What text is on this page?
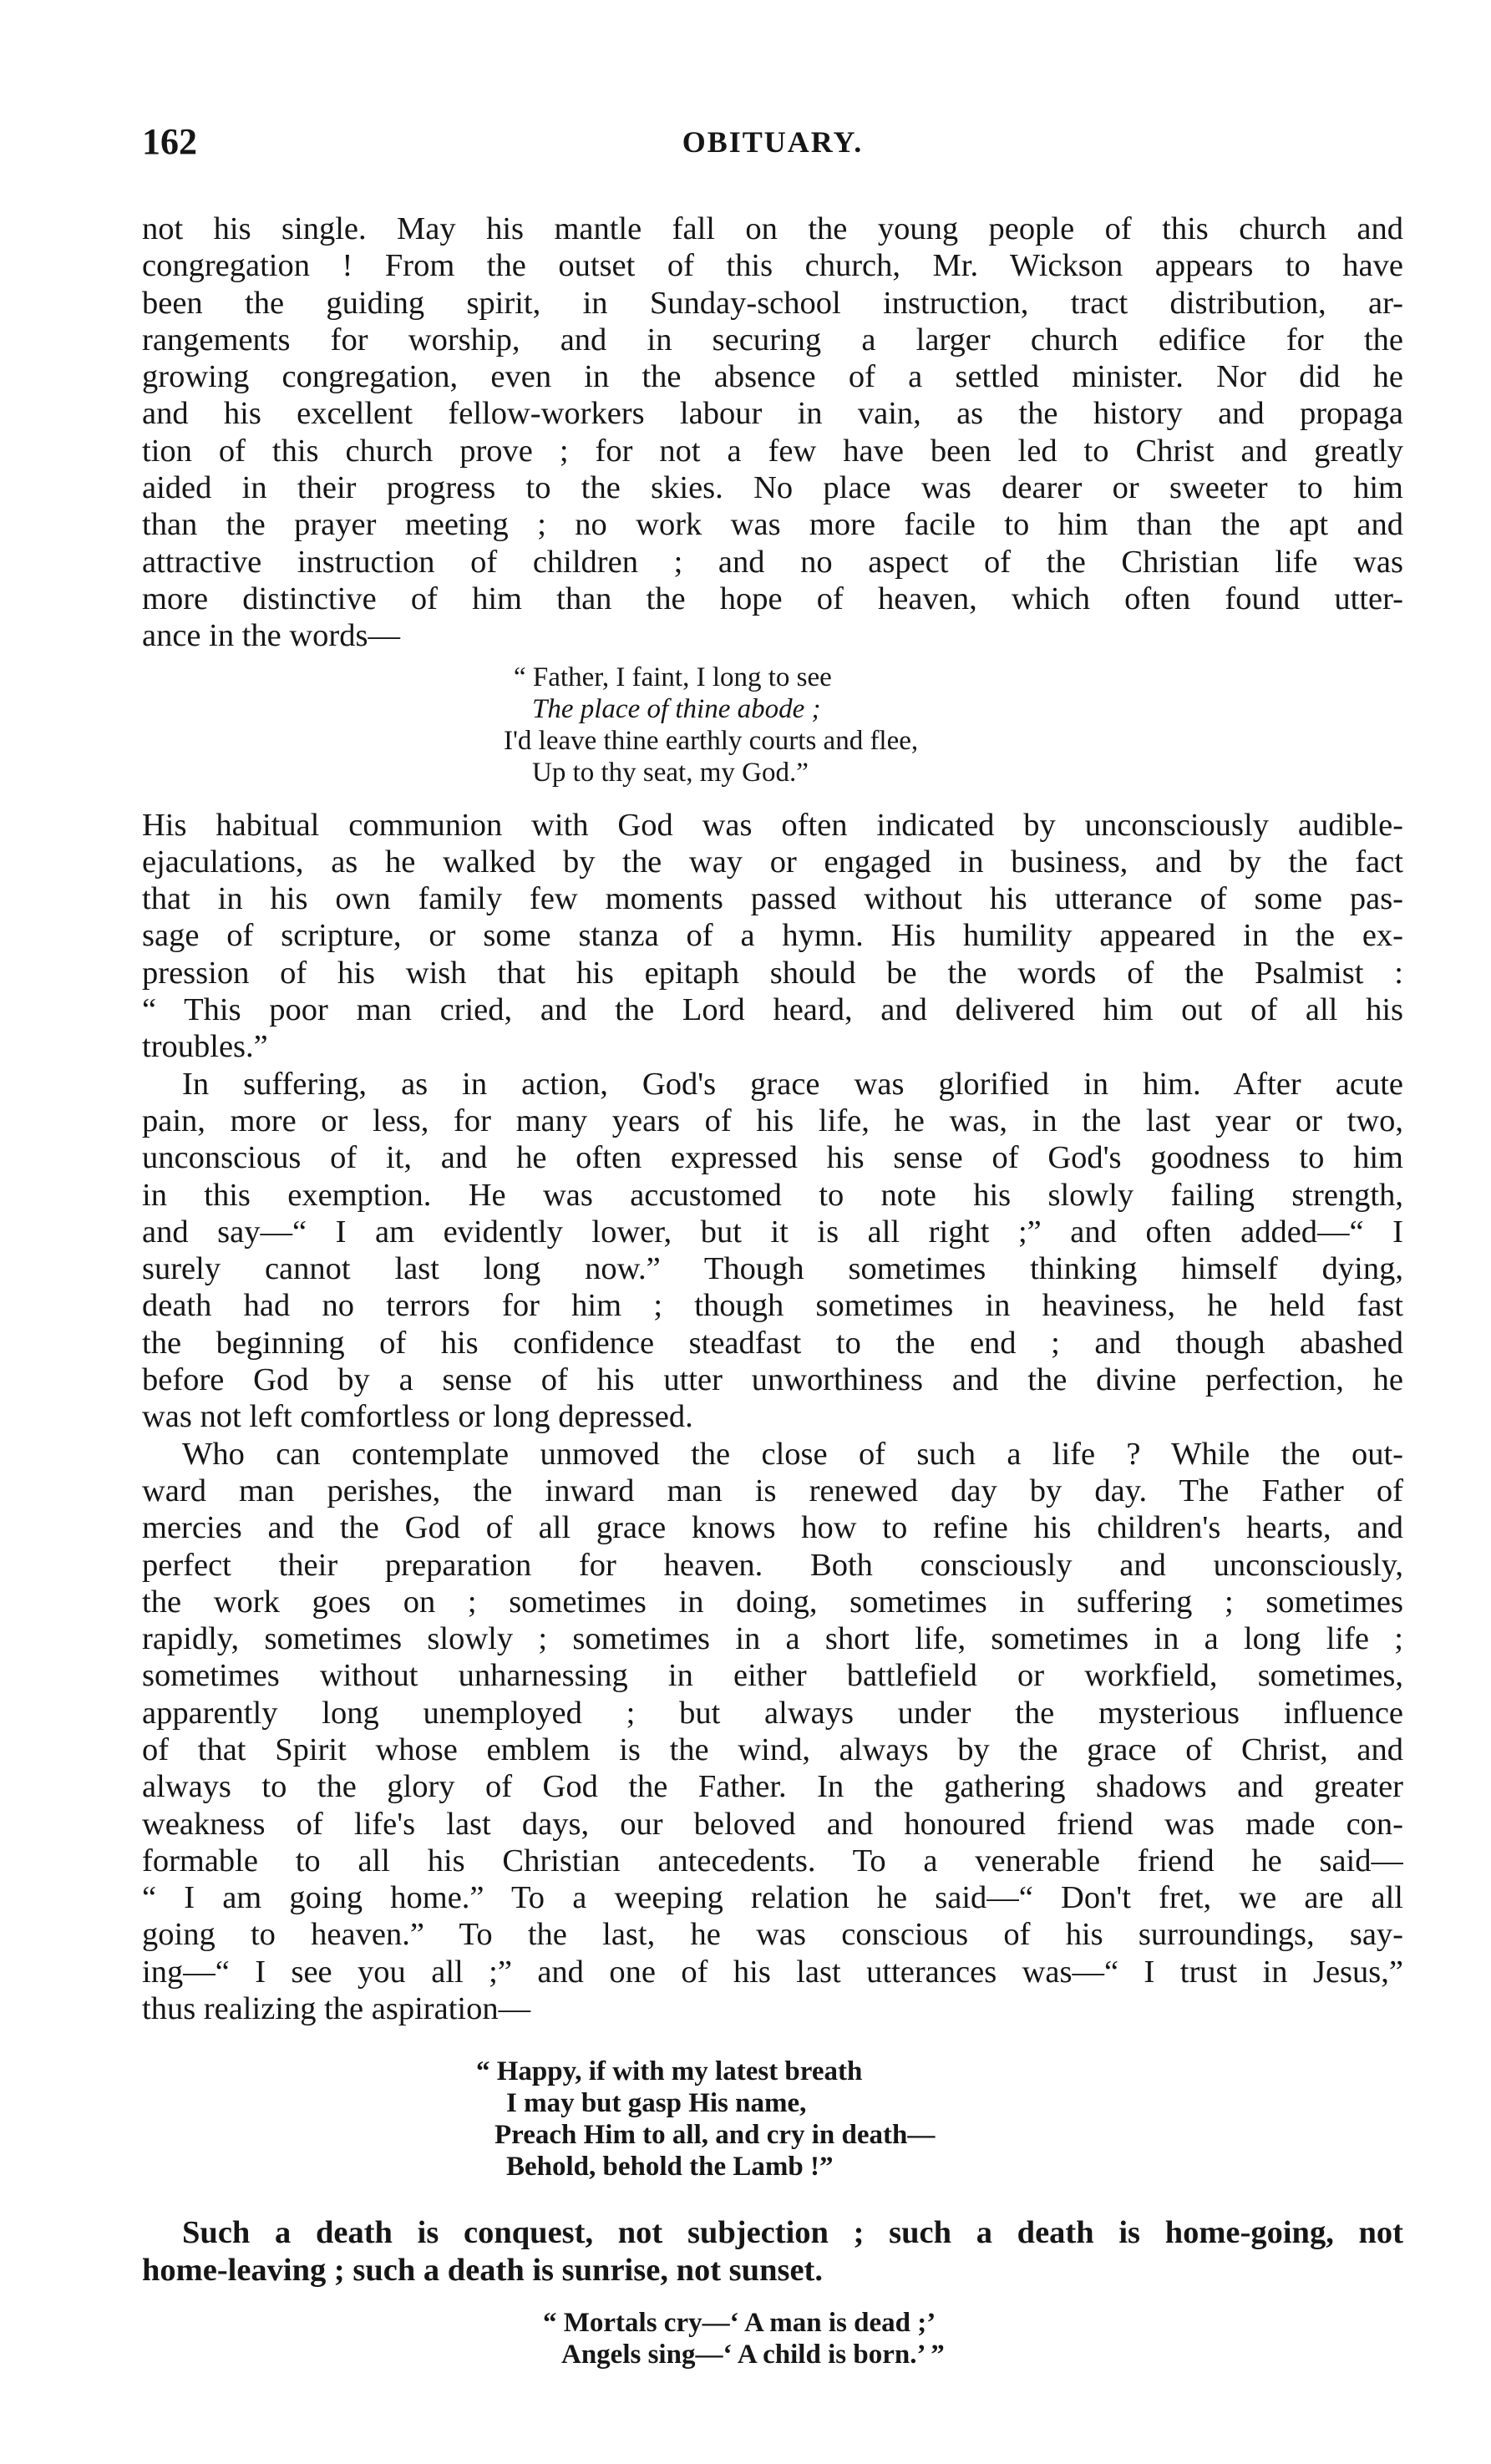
162	OBITUARY.

not his single. May his mantle fall on the young people of this church and
congregation ! From the outset of this church, Mr. Wickson appears to have
been the guiding spirit, in Sunday-school instruction, tract distribution, ar-
rangements for worship, and in securing a larger church edifice for the
growing congregation, even in the absence of a settled minister. Nor did he
and his excellent fellow-workers labour in vain, as the history and propaga
tion of this church prove ; for not a few have been led to Christ and greatly
aided in their progress to the skies. No place was dearer or sweeter to him
than the prayer meeting ; no work was more facile to him than the apt and
attractive instruction of children ; and no aspect of the Christian life was
more distinctive of him than the hope of heaven, which often found utter-
ance in the words—

“ Father, I faint, I long to see
The place of thine abode ;
I'd leave thine earthly courts and flee,
Up to thy seat, my God.”

His habitual communion with God was often indicated by unconsciously audible-
ejaculations, as he walked by the way or engaged in business, and by the fact
that in his own family few moments passed without his utterance of some pas-
sage of scripture, or some stanza of a hymn. His humility appeared in the ex-
pression of his wish that his epitaph should be the words of the Psalmist :
“ This poor man cried, and the Lord heard, and delivered him out of all his
troubles.”

In suffering, as in action, God's grace was glorified in him. After acute
pain, more or less, for many years of his life, he was, in the last year or two,
unconscious of it, and he often expressed his sense of God's goodness to him
in this exemption. He was accustomed to note his slowly failing strength,
and say—“ I am evidently lower, but it is all right ;” and often added—“ I
surely cannot last long now.” Though sometimes thinking himself dying,
death had no terrors for him ; though sometimes in heaviness, he held fast
the beginning of his confidence steadfast to the end ; and though abashed
before God by a sense of his utter unworthiness and the divine perfection, he
was not left comfortless or long depressed.

Who can contemplate unmoved the close of such a life ? While the out-
ward man perishes, the inward man is renewed day by day. The Father of
mercies and the God of all grace knows how to refine his children's hearts, and
perfect their preparation for heaven. Both consciously and unconsciously,
the work goes on ; sometimes in doing, sometimes in suffering ; sometimes
rapidly, sometimes slowly ; sometimes in a short life, sometimes in a long life ;
sometimes without unharnessing in either battlefield or workfield, sometimes,
apparently long unemployed ; but always under the mysterious influence
of that Spirit whose emblem is the wind, always by the grace of Christ, and
always to the glory of God the Father. In the gathering shadows and greater
weakness of life's last days, our beloved and honoured friend was made con-
formable to all his Christian antecedents. To a venerable friend he said—
“ I am going home.” To a weeping relation he said—“ Don't fret, we are all
going to heaven.” To the last, he was conscious of his surroundings, say-
ing—“ I see you all ;” and one of his last utterances was—“ I trust in Jesus,”
thus realizing the aspiration—

“ Happy, if with my latest breath
I may but gasp His name,
Preach Him to all, and cry in death—
Behold, behold the Lamb !”

Such a death is conquest, not subjection ; such a death is home-going, not
home-leaving ; such a death is sunrise, not sunset.

“ Mortals cry—‘ A man is dead ;’
Angels sing—‘ A child is born.’ ”
